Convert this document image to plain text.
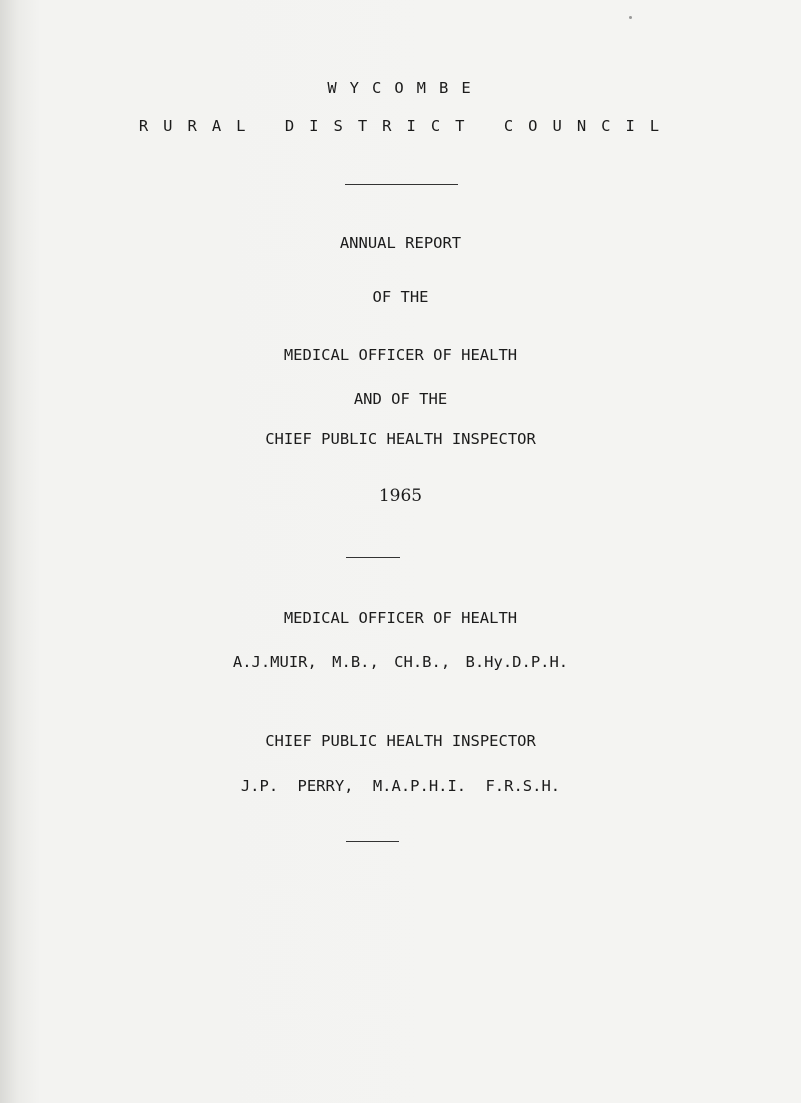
WYCOMBE
RURAL DISTRICT COUNCIL
ANNUAL REPORT
OF THE
MEDICAL OFFICER OF HEALTH
AND OF THE
CHIEF PUBLIC HEALTH INSPECTOR
1965
MEDICAL OFFICER OF HEALTH
A.J.MUIR, M.B., CH.B., B.Hy.D.P.H.
CHIEF PUBLIC HEALTH INSPECTOR
J.P. PERRY, M.A.P.H.I. F.R.S.H.
